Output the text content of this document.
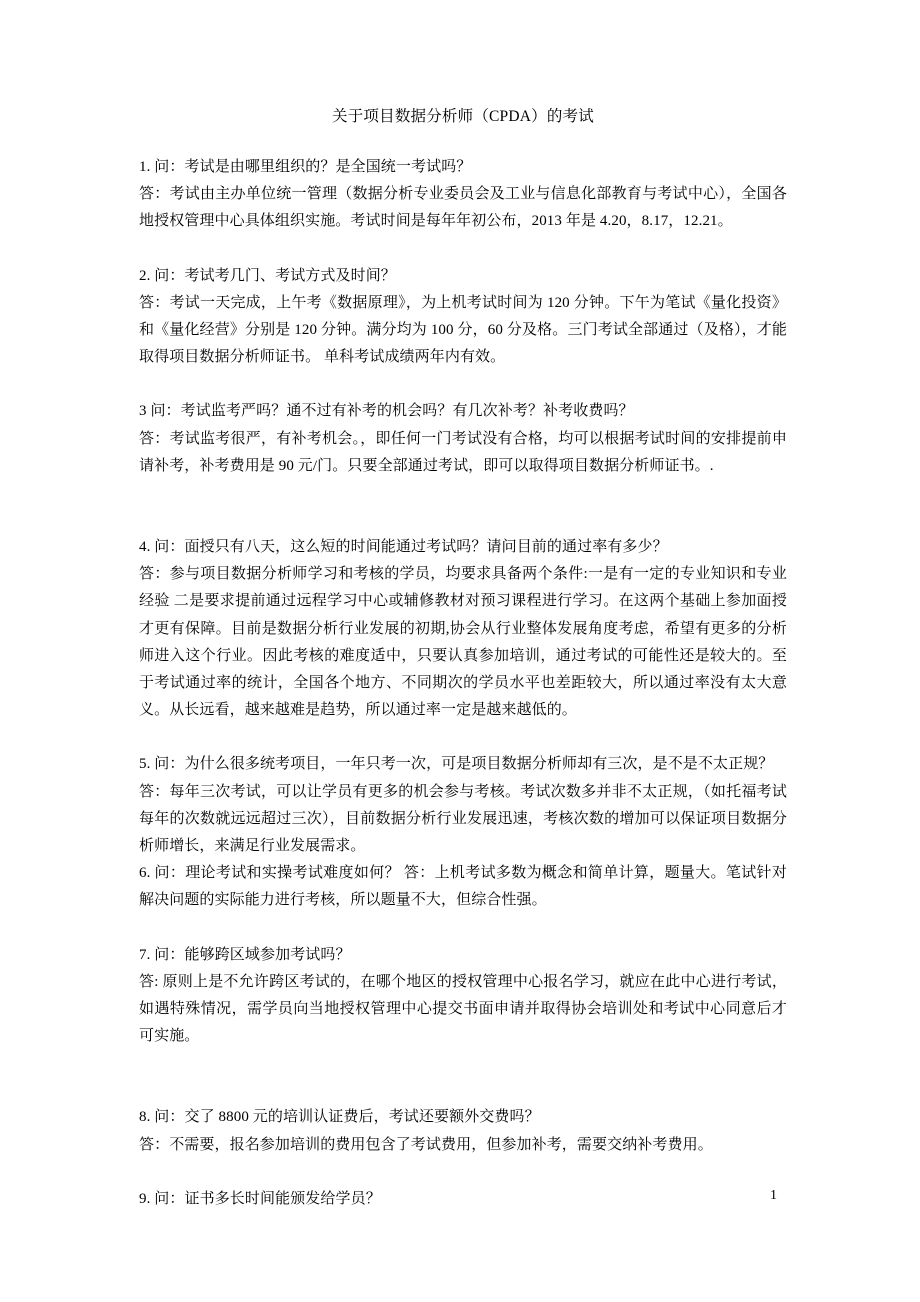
关于项目数据分析师（CPDA）的考试

1. 问：考试是由哪里组织的？是全国统一考试吗？

答：考试由主办单位统一管理（数据分析专业委员会及工业与信息化部教育与考试中心），全国各地授权管理中心具体组织实施。考试时间是每年年初公布，2013 年是 4.20，8.17，12.21。

2. 问：考试考几门、考试方式及时间？

答：考试一天完成，上午考《数据原理》，为上机考试时间为 120 分钟。下午为笔试《量化投资》和《量化经营》分别是 120 分钟。满分均为 100 分，60 分及格。三门考试全部通过（及格），才能取得项目数据分析师证书。 单科考试成绩两年内有效。

3 问：考试监考严吗？通不过有补考的机会吗？有几次补考？补考收费吗？

答：考试监考很严，有补考机会。，即任何一门考试没有合格，均可以根据考试时间的安排提前申请补考，补考费用是 90 元/门。只要全部通过考试，即可以取得项目数据分析师证书。.

4. 问：面授只有八天，这么短的时间能通过考试吗？请问目前的通过率有多少？

答：参与项目数据分析师学习和考核的学员，均要求具备两个条件:一是有一定的专业知识和专业经验 二是要求提前通过远程学习中心或辅修教材对预习课程进行学习。在这两个基础上参加面授才更有保障。目前是数据分析行业发展的初期,协会从行业整体发展角度考虑，希望有更多的分析师进入这个行业。因此考核的难度适中，只要认真参加培训，通过考试的可能性还是较大的。至于考试通过率的统计，全国各个地方、不同期次的学员水平也差距较大，所以通过率没有太大意义。从长远看，越来越难是趋势，所以通过率一定是越来越低的。

5. 问：为什么很多统考项目，一年只考一次，可是项目数据分析师却有三次，是不是不太正规？

答：每年三次考试，可以让学员有更多的机会参与考核。考试次数多并非不太正规，（如托福考试每年的次数就远远超过三次），目前数据分析行业发展迅速，考核次数的增加可以保证项目数据分析师增长，来满足行业发展需求。

6. 问：理论考试和实操考试难度如何？ 答：上机考试多数为概念和简单计算，题量大。笔试针对解决问题的实际能力进行考核，所以题量不大，但综合性强。

7. 问：能够跨区域参加考试吗？

答: 原则上是不允许跨区考试的，在哪个地区的授权管理中心报名学习，就应在此中心进行考试，如遇特殊情况，需学员向当地授权管理中心提交书面申请并取得协会培训处和考试中心同意后才可实施。

8. 问：交了 8800 元的培训认证费后，考试还要额外交费吗？

答：不需要，报名参加培训的费用包含了考试费用，但参加补考，需要交纳补考费用。

9. 问：证书多长时间能颁发给学员？	1
